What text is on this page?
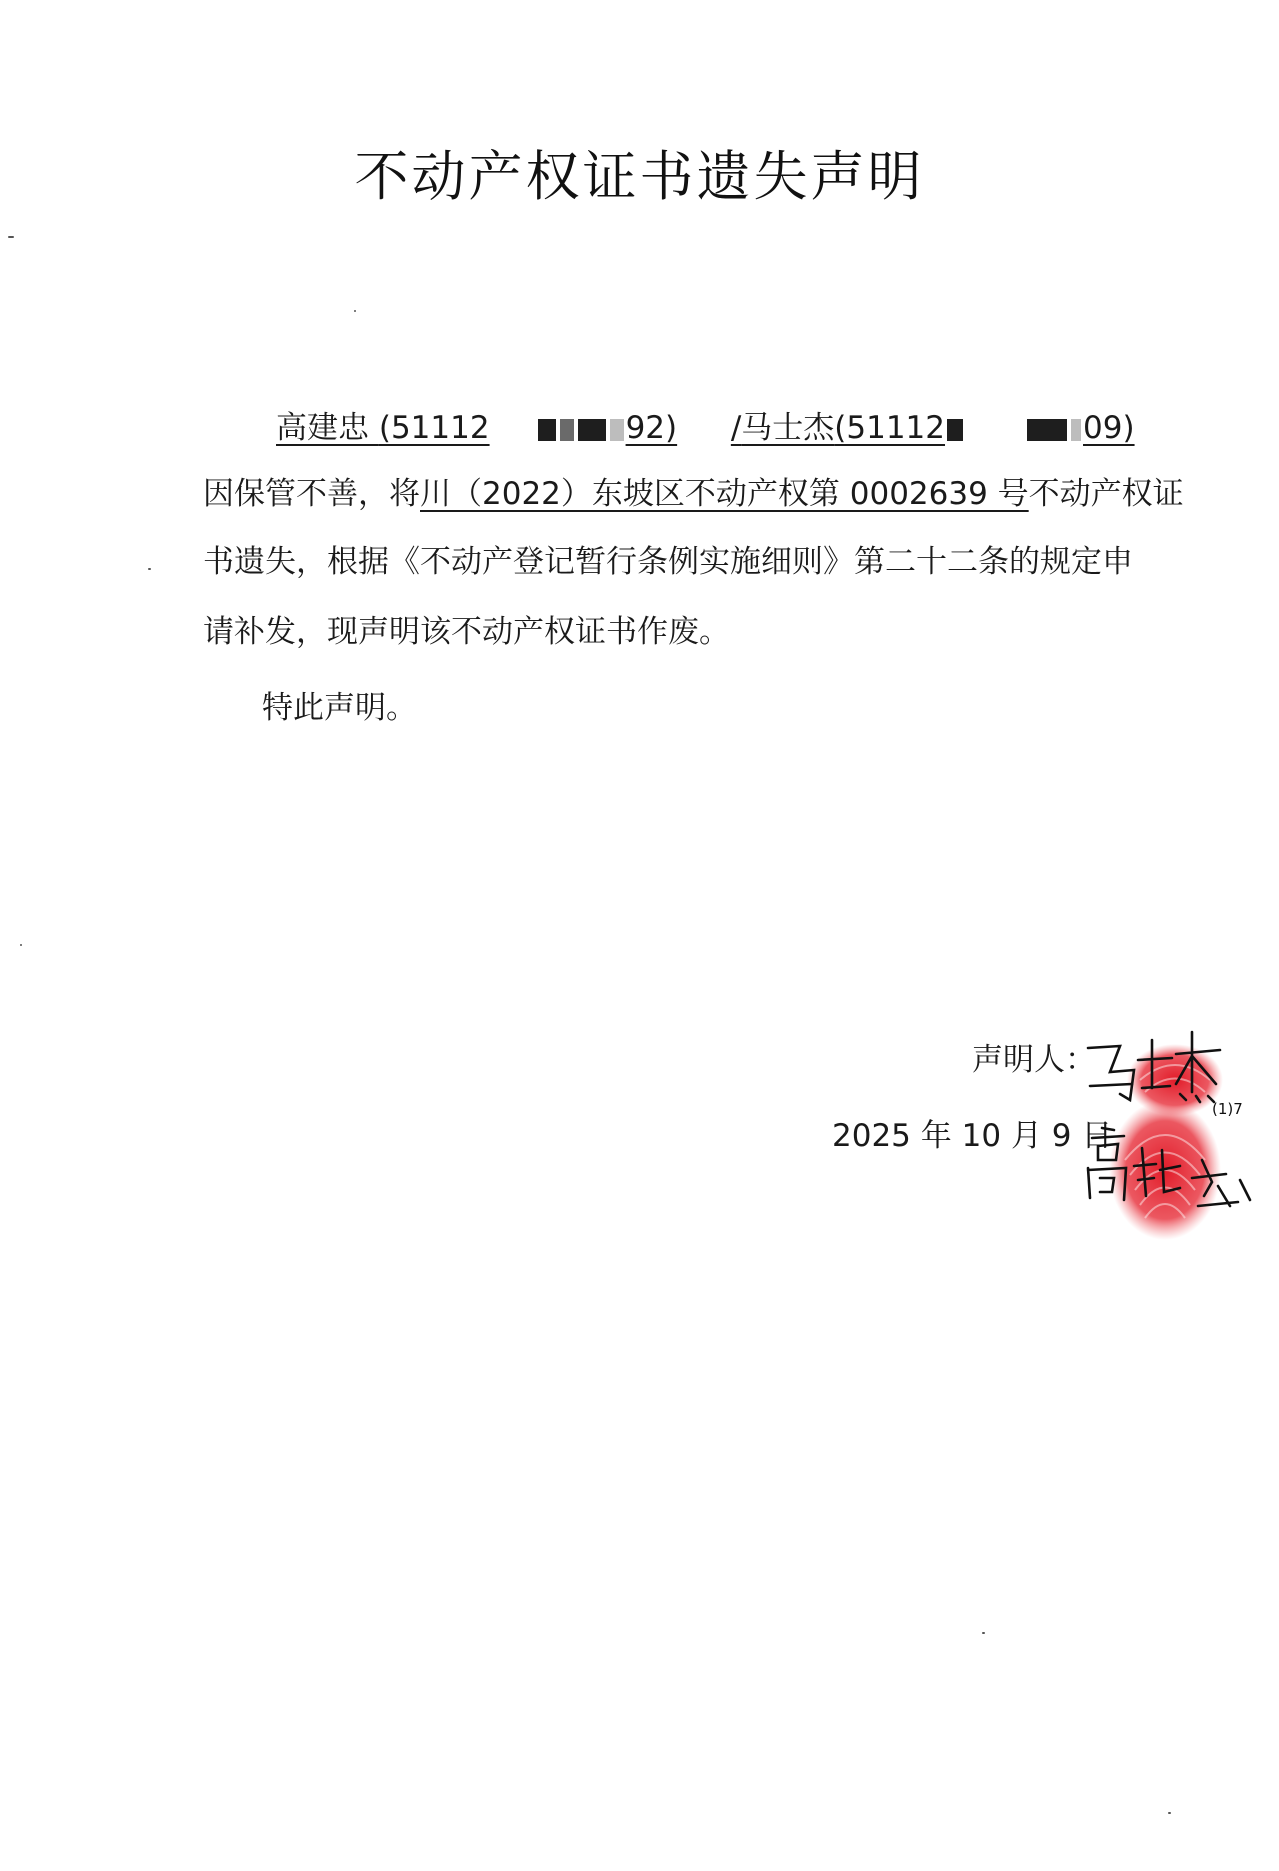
不动产权证书遗失声明
高建忠 (51112	92) /马士杰(51112	09)
因保管不善，将川（2022）东坡区不动产权第 0002639 号不动产权证
书遗失，根据《不动产登记暂行条例实施细则》第二十二条的规定申
请补发，现声明该不动产权证书作废。
特此声明。
声明人：
2025 年 10 月 9 日
(1)7
